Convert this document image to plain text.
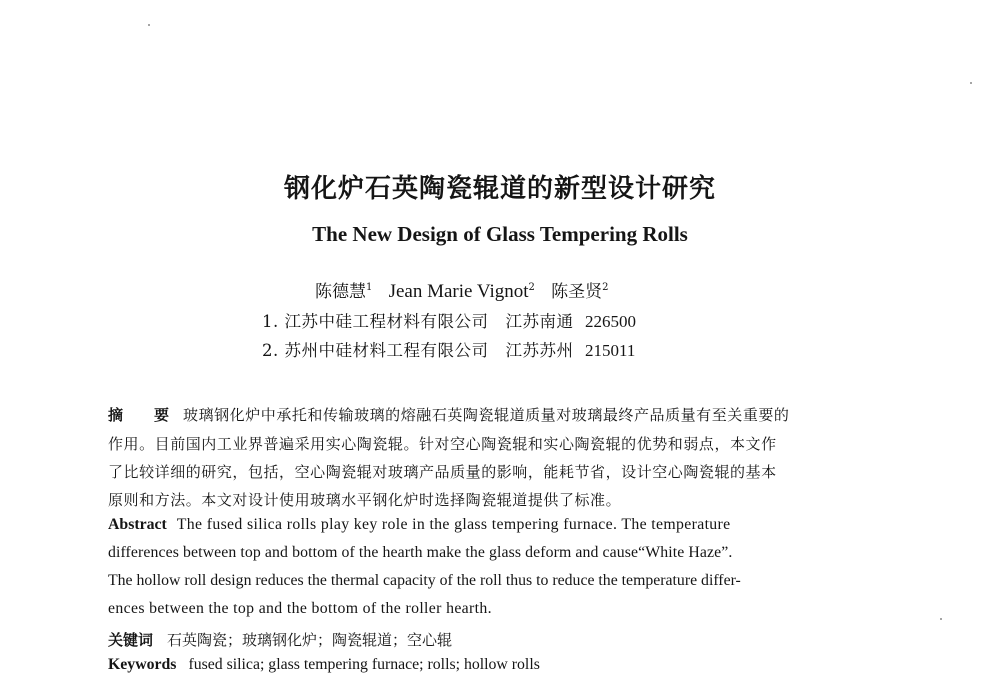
钢化炉石英陶瓷辊道的新型设计研究
The New Design of Glass Tempering Rolls
陈德慧$^1$ Jean Marie Vignot$^2$ 陈圣贤$^2$
1. 江苏中硅工程材料有限公司　江苏南通 226500
2. 苏州中硅材料工程有限公司　江苏苏州 215011
摘　要 玻璃钢化炉中承托和传输玻璃的熔融石英陶瓷辊道质量对玻璃最终产品质量有至关重要的
作用。目前国内工业界普遍采用实心陶瓷辊。针对空心陶瓷辊和实心陶瓷辊的优势和弱点，本文作
了比较详细的研究，包括，空心陶瓷辊对玻璃产品质量的影响，能耗节省，设计空心陶瓷辊的基本
原则和方法。本文对设计使用玻璃水平钢化炉时选择陶瓷辊道提供了标准。
Abstract The fused silica rolls play key role in the glass tempering furnace. The temperature
differences between top and bottom of the hearth make the glass deform and cause“White Haze”.
The hollow roll design reduces the thermal capacity of the roll thus to reduce the temperature differ-
ences between the top and the bottom of the roller hearth.
关键词 石英陶瓷；玻璃钢化炉；陶瓷辊道；空心辊
Keywords fused silica; glass tempering furnace; rolls; hollow rolls
